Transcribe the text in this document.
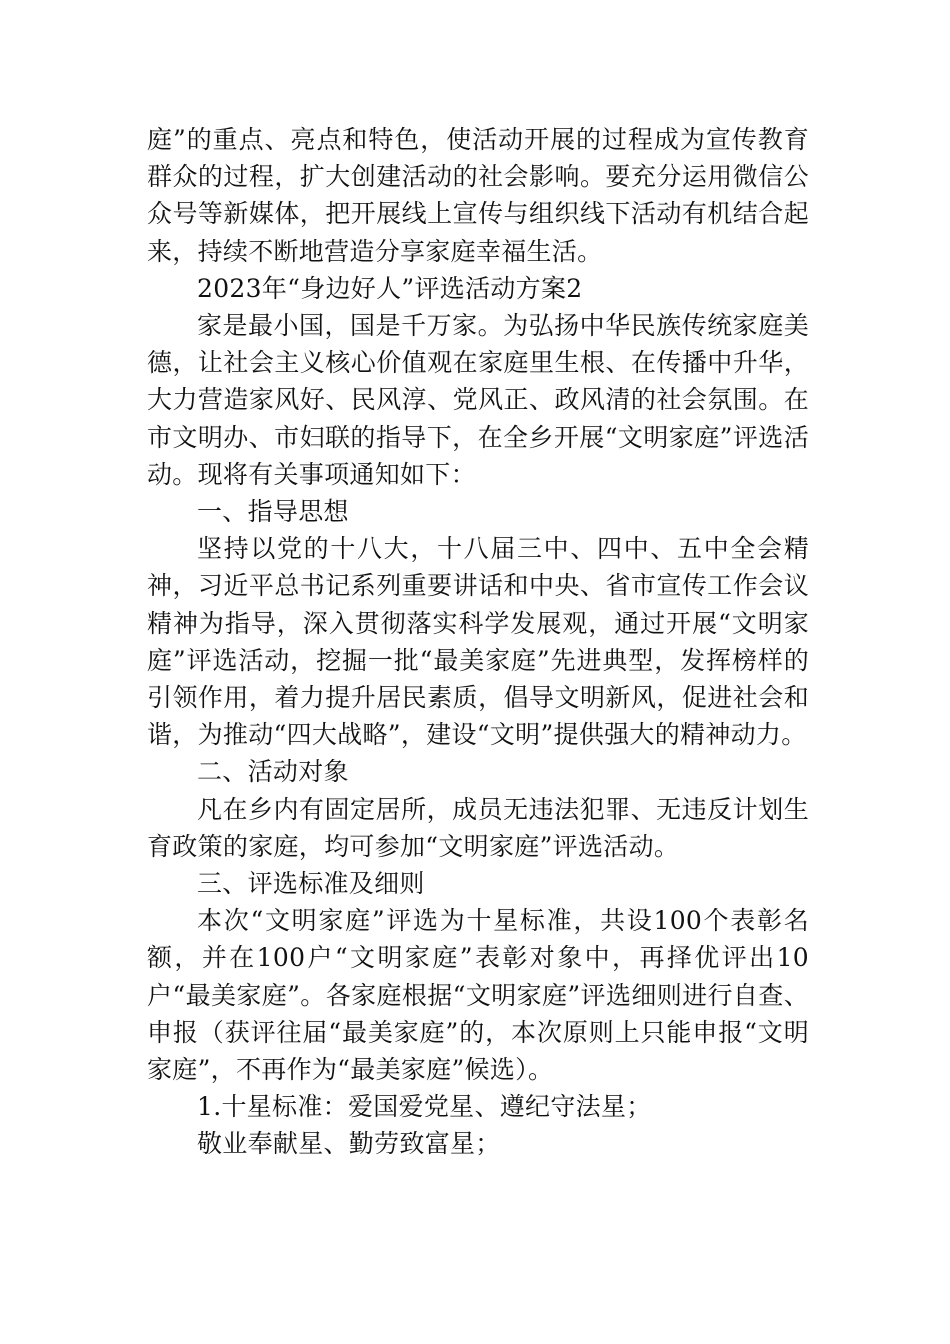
庭”的重点、亮点和特色，使活动开展的过程成为宣传教育群众的过程，扩大创建活动的社会影响。要充分运用微信公众号等新媒体，把开展线上宣传与组织线下活动有机结合起来，持续不断地营造分享家庭幸福生活。

2023年“身边好人”评选活动方案2

家是最小国，国是千万家。为弘扬中华民族传统家庭美德，让社会主义核心价值观在家庭里生根、在传播中升华，大力营造家风好、民风淳、党风正、政风清的社会氛围。在市文明办、市妇联的指导下，在全乡开展“文明家庭”评选活动。现将有关事项通知如下：

一、指导思想

坚持以党的十八大，十八届三中、四中、五中全会精神，习近平总书记系列重要讲话和中央、省市宣传工作会议精神为指导，深入贯彻落实科学发展观，通过开展“文明家庭”评选活动，挖掘一批“最美家庭”先进典型，发挥榜样的引领作用，着力提升居民素质，倡导文明新风，促进社会和谐，为推动“四大战略”，建设“文明”提供强大的精神动力。

二、活动对象

凡在乡内有固定居所，成员无违法犯罪、无违反计划生育政策的家庭，均可参加“文明家庭”评选活动。

三、评选标准及细则

本次“文明家庭”评选为十星标准，共设100个表彰名额，并在100户“文明家庭”表彰对象中，再择优评出10户“最美家庭”。各家庭根据“文明家庭”评选细则进行自查、申报（获评往届“最美家庭”的，本次原则上只能申报“文明家庭”，不再作为“最美家庭”候选）。

1.十星标准：爱国爱党星、遵纪守法星；

敬业奉献星、勤劳致富星；
